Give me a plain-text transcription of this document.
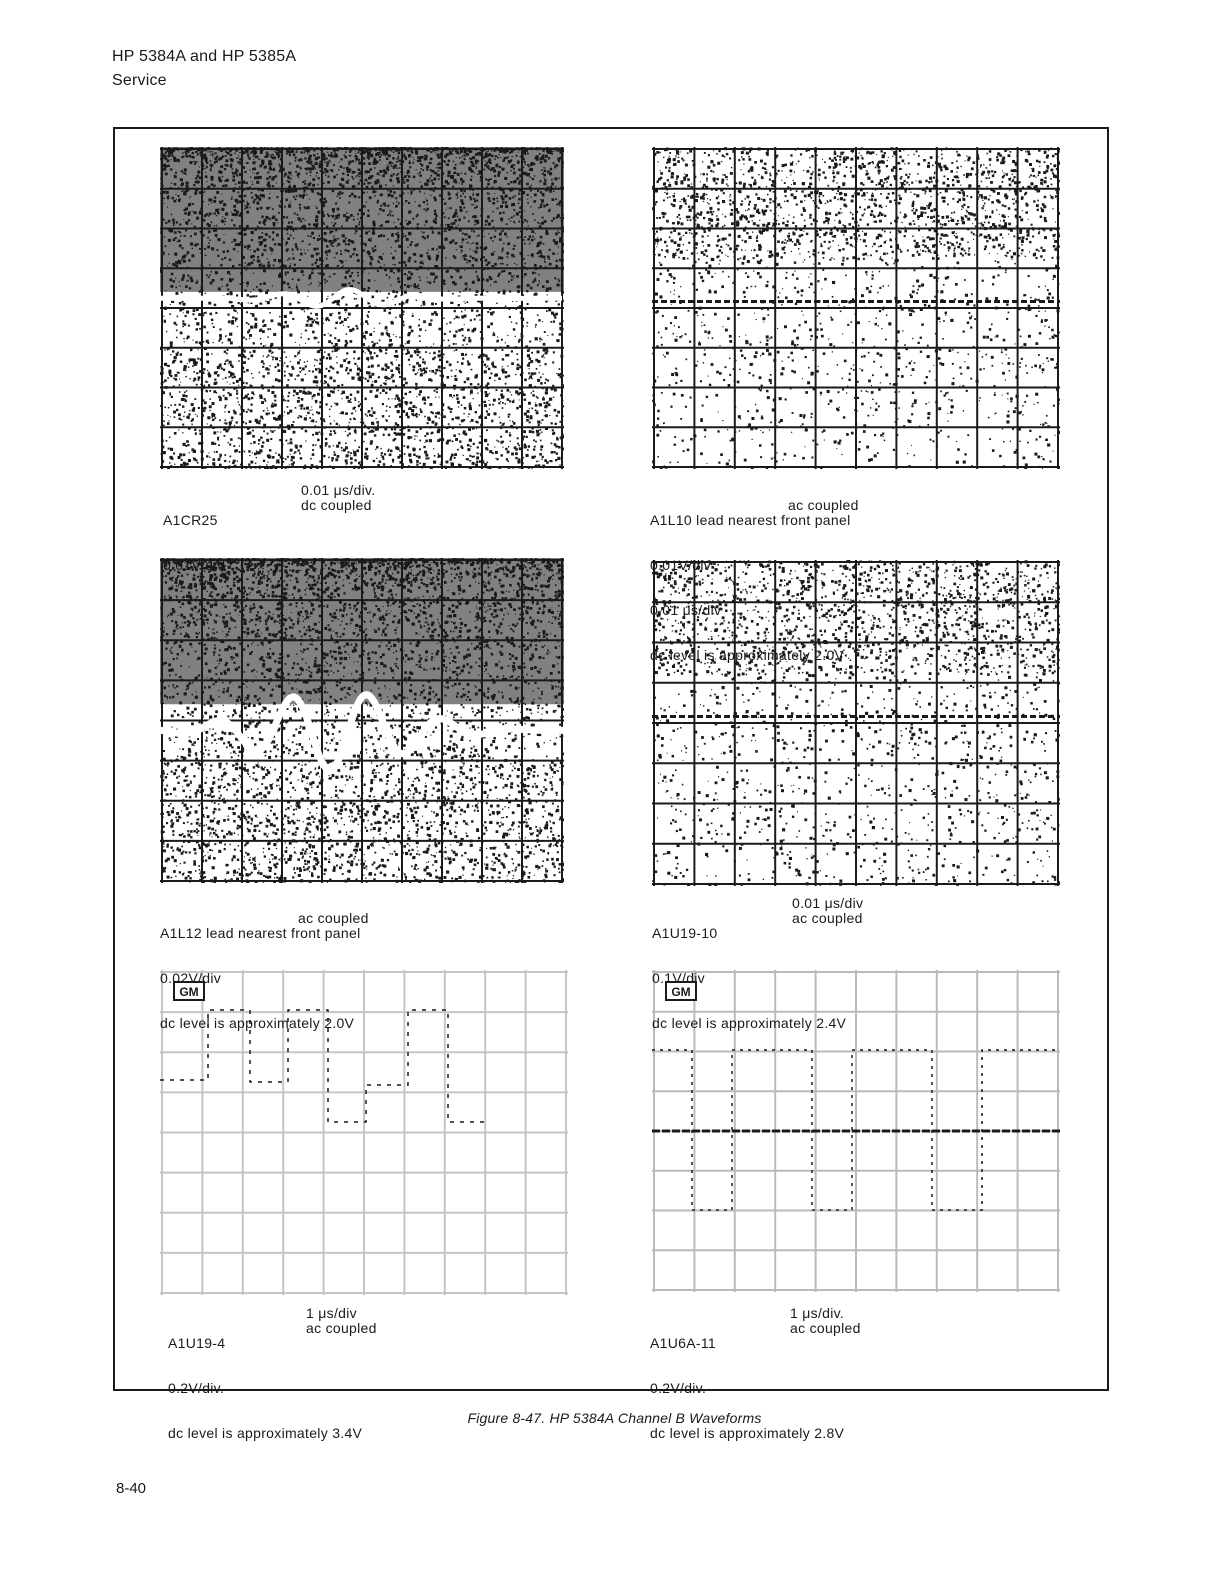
HP 5384A and HP 5385A
Service
GM	GM

A1CR25

0.01V/div.

0.01 μs/div.

dc coupled

A1L10 lead nearest front panel

0.01V/div

0.01 μs/div

dc level is approximately 2.0V

ac coupled

A1L12 lead nearest front panel

0.02V/div

dc level is approximately 2.0V

ac coupled

A1U19-10

0.1V/div

dc level is approximately 2.4V

0.01 μs/div

ac coupled

A1U19-4

0.2V/div.

dc level is approximately 3.4V

1 μs/div

ac coupled

A1U6A-11

0.2V/div.

dc level is approximately 2.8V

1 μs/div.

ac coupled

Figure 8-47. HP 5384A Channel B Waveforms
8-40
